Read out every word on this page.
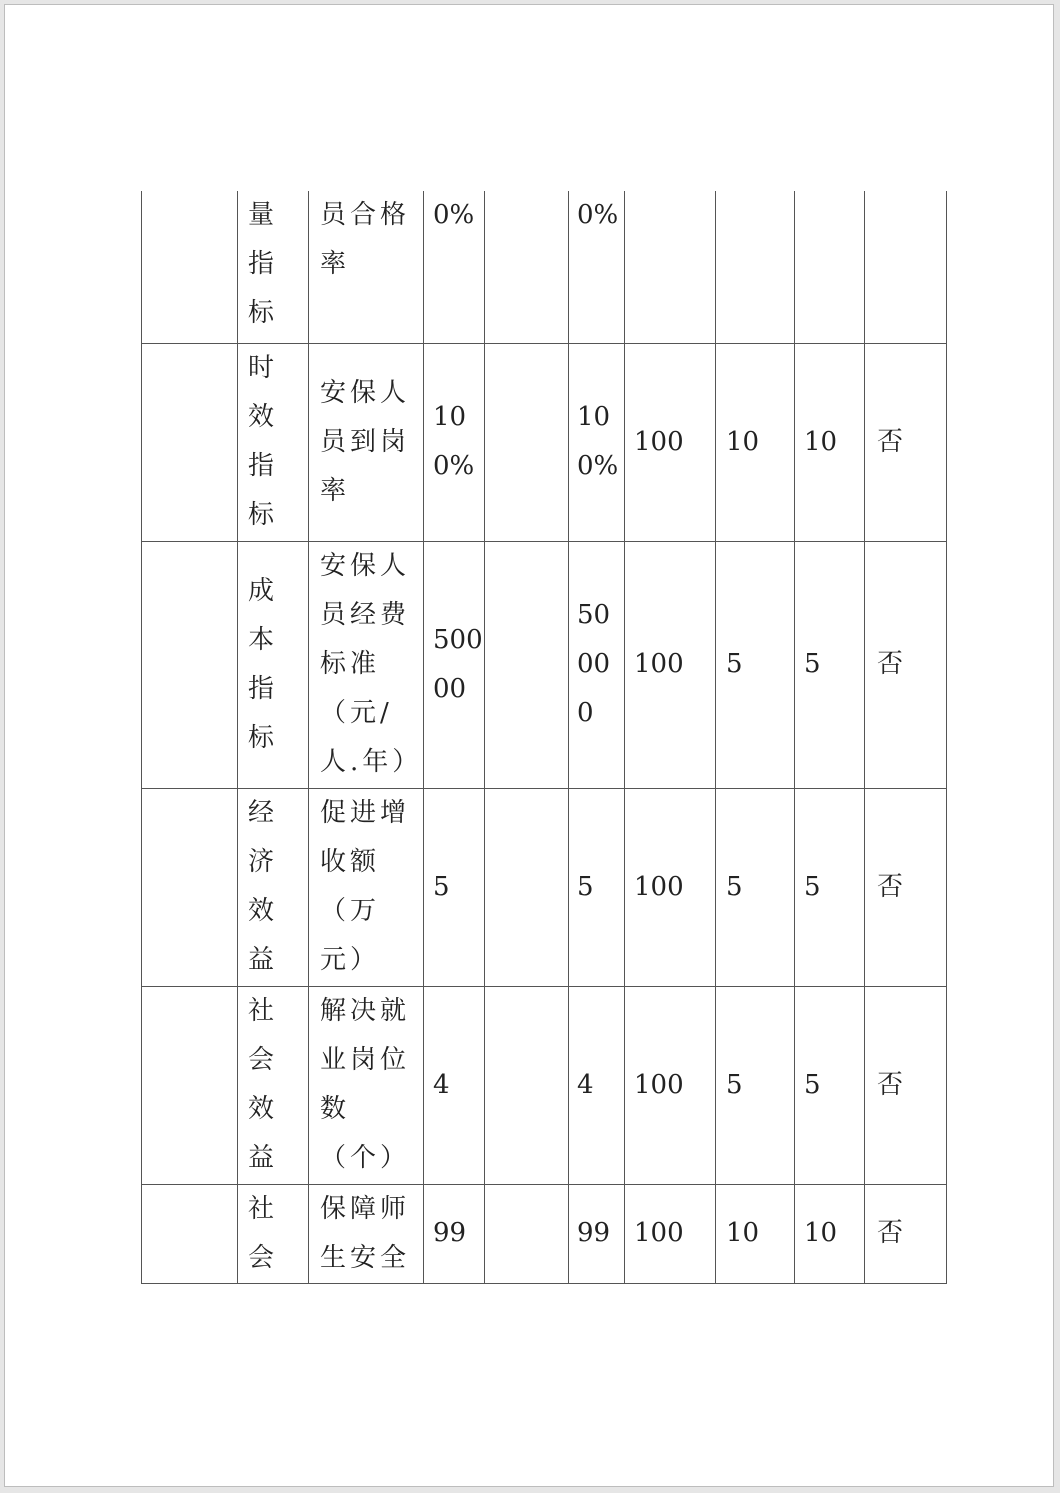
	量指标	员合格率	0%		0%				

	时效指标	安保人员到岗率	100%		100%	100	10	10	否

	成本指标	安保人员经费标准（元/人.年）	50000		50000	100	5	5	否

	经济效益	促进增收额（万元）	5		5	100	5	5	否

	社会效益	解决就业岗位数（个）	4		4	100	5	5	否

	社会	保障师生安全	99		99	100	10	10	否
